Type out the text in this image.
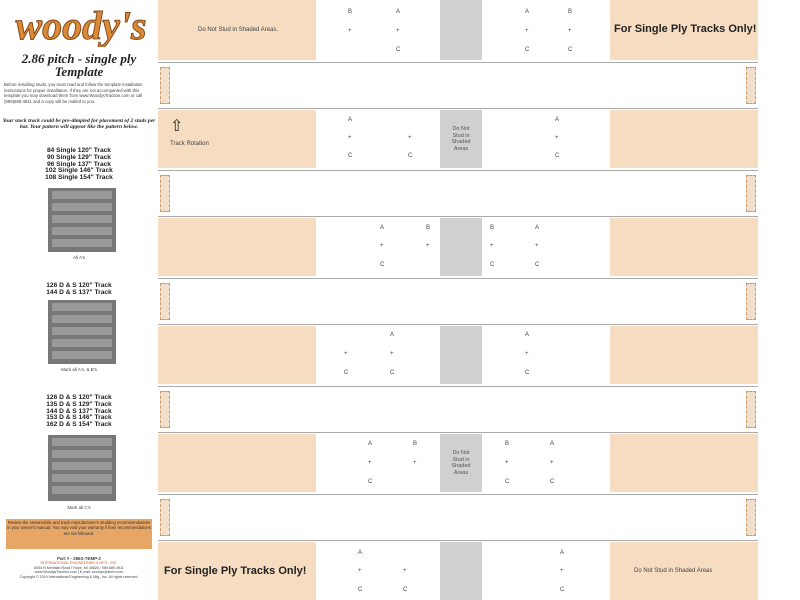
woody's
2.86 pitch - single ply
Template
Before installing studs, you must read and follow the template installation instructions for proper installation. If they are not accompanied with this template you may download them from www.WoodysTraction.com or call (989)689-4911 and a copy will be mailed to you.
Your stock track could be pre-dimpled for placement of 2 studs per bar. Your pattern will appear like the pattern below.
84 Single 120" Track
90 Single 129" Track
96 Single 137" Track
102 Single 146" Track
108 Single 154" Track
All A's
126 D & S 120" Track
144 D & S 137" Track
Mark all A's, & B's
126 D & S 120" Track
135 D & S 129" Track
144 D & S 137" Track
153 D & S 146" Track
162 D & S 154" Track
Mark all C's
Review the snowmobile and track manufacturer's studding recommendations in your owner's manual. You may void your warranty if their recommendations are not followed.
Part # - 286S-TEMP-2
INTERNATIONAL ENGINEERING & MFG., INC.
6054 N Meridian Road / Hope, MI 48628 / 989-689-4911
www.WoodysTraction.com | E-mail: woodys@ieem.com
Copyright © 2019 International Engineering & Mfg., Inc. All rights reserved.
Do Not Stud in Shaded Areas.
B	A
+	+
C
A	B
+	+
C	C
For Single Ply Tracks Only!
⇧
Track Rotation
A
+	+
C	C
Do Not
Stud in
Shaded
Areas
A
+
C
A	B
+	+
C
B	A
+	+
C	C
A
+	+
C	C
A
+
C
A	B
+	+
C
Do Not
Stud in
Shaded
Areas
B	A
+	+
C	C
For Single Ply Tracks Only!
A
+	+
C	C
A
+
C
Do Not Stud in Shaded Areas
